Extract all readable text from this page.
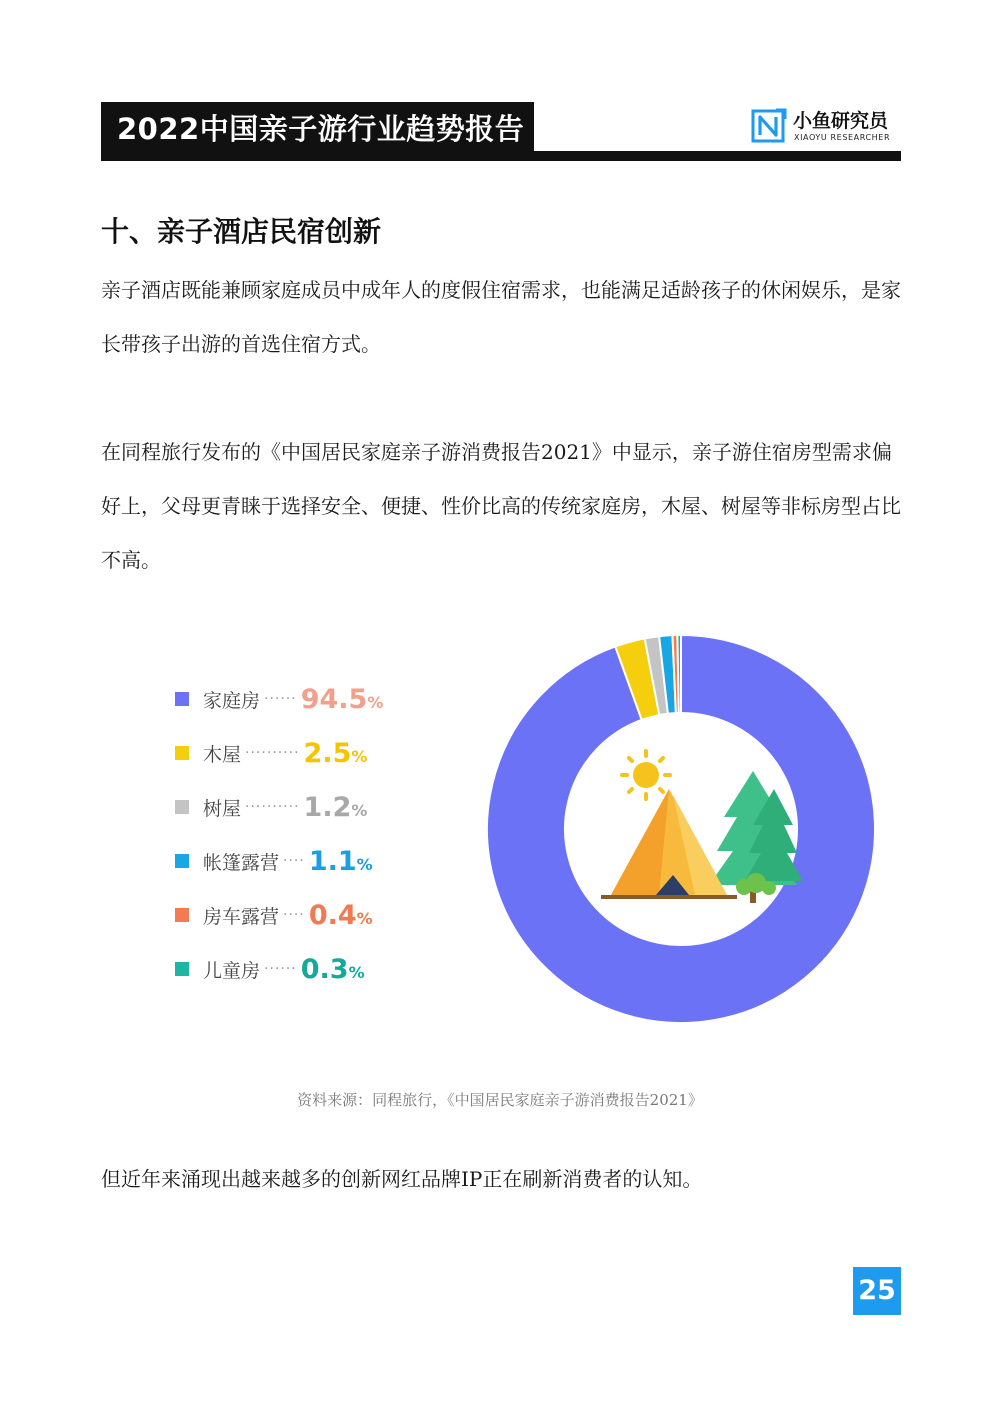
2022中国亲子游行业趋势报告	小鱼研究员
XIAOYU RESEARCHER
十、亲子酒店民宿创新
亲子酒店既能兼顾家庭成员中成年人的度假住宿需求，也能满足适龄孩子的休闲娱乐，是家长带孩子出游的首选住宿方式。
在同程旅行发布的《中国居民家庭亲子游消费报告2021》中显示，亲子游住宿房型需求偏好上，父母更青睐于选择安全、便捷、性价比高的传统家庭房，木屋、树屋等非标房型占比不高。
家庭房 ······ 94.5%
木屋 ·········· 2.5%
树屋 ·········· 1.2%
帐篷露营 ···· 1.1%
房车露营 ···· 0.4%
儿童房 ······ 0.3%
资料来源：同程旅行，《中国居民家庭亲子游消费报告2021》
但近年来涌现出越来越多的创新网红品牌IP正在刷新消费者的认知。
25
